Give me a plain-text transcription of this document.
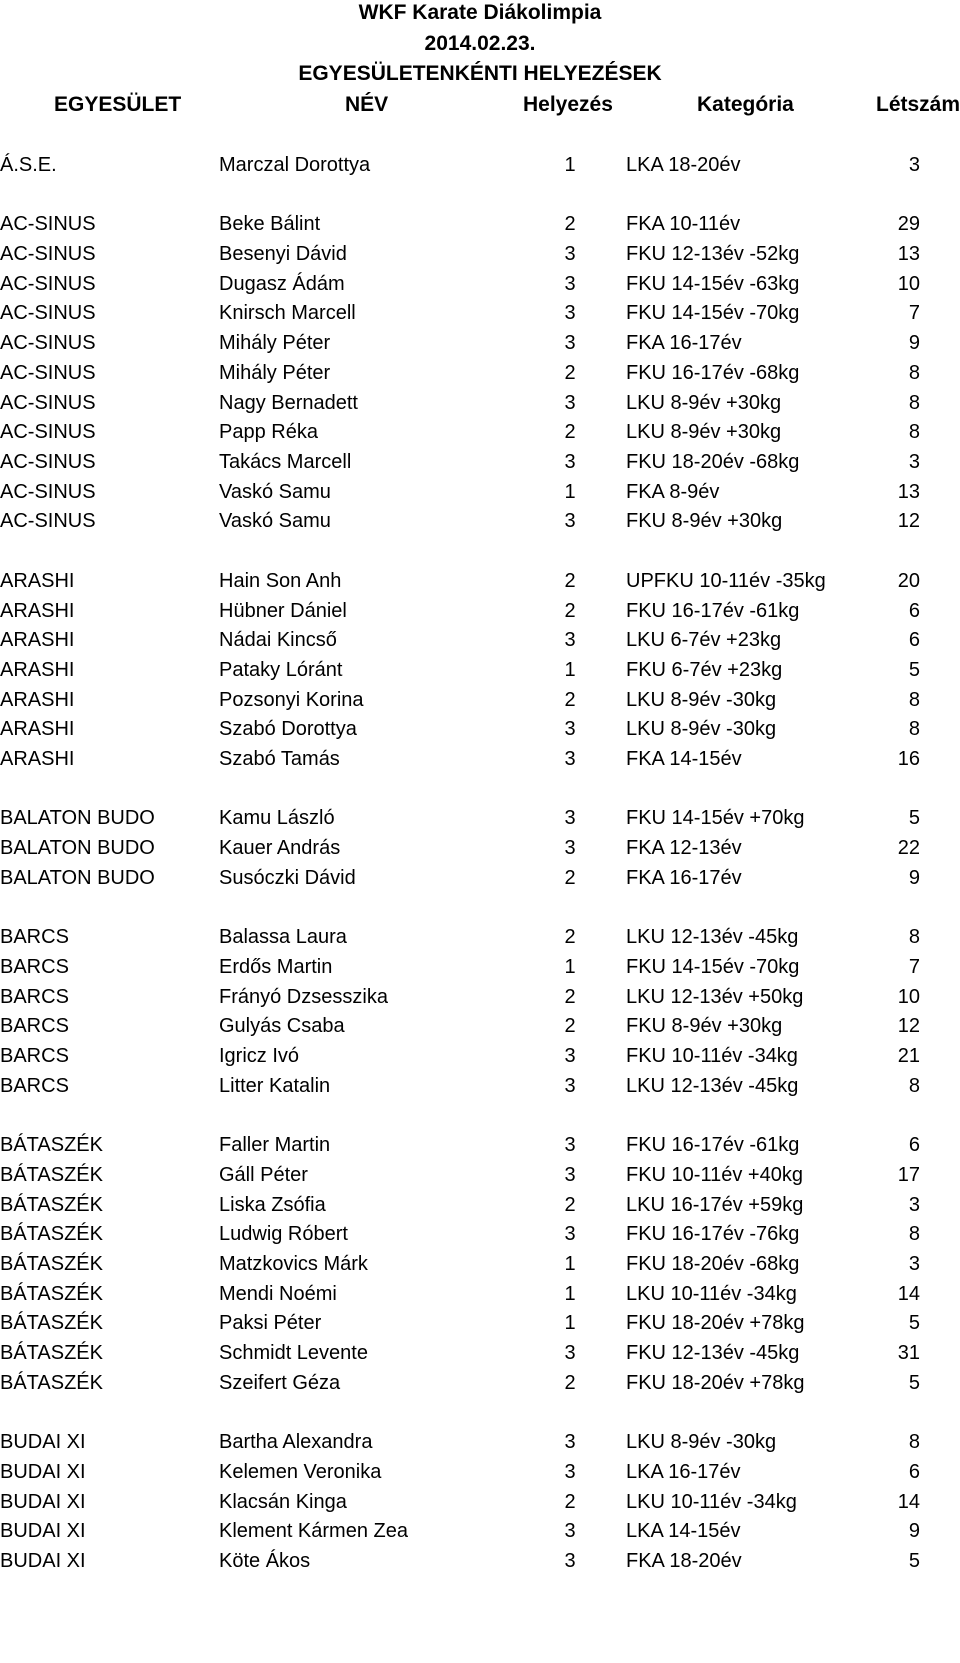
WKF Karate Diákolimpia
2014.02.23.
EGYESÜLETENKÉNTI HELYEZÉSEK
EGYESÜLET	NÉV	Helyezés	Kategória	Létszám
Á.S.E.	Marczal Dorottya	1	LKA 18-20év	3
AC-SINUS	Beke Bálint	2	FKA 10-11év	29
AC-SINUS	Besenyi Dávid	3	FKU 12-13év -52kg	13
AC-SINUS	Dugasz Ádám	3	FKU 14-15év -63kg	10
AC-SINUS	Knirsch Marcell	3	FKU 14-15év -70kg	7
AC-SINUS	Mihály Péter	3	FKA 16-17év	9
AC-SINUS	Mihály Péter	2	FKU 16-17év -68kg	8
AC-SINUS	Nagy Bernadett	3	LKU 8-9év +30kg	8
AC-SINUS	Papp Réka	2	LKU 8-9év +30kg	8
AC-SINUS	Takács Marcell	3	FKU 18-20év -68kg	3
AC-SINUS	Vaskó Samu	1	FKA 8-9év	13
AC-SINUS	Vaskó Samu	3	FKU 8-9év +30kg	12
ARASHI	Hain Son Anh	2	UPFKU 10-11év -35kg	20
ARASHI	Hübner Dániel	2	FKU 16-17év -61kg	6
ARASHI	Nádai Kincső	3	LKU 6-7év +23kg	6
ARASHI	Pataky Lóránt	1	FKU 6-7év +23kg	5
ARASHI	Pozsonyi Korina	2	LKU 8-9év -30kg	8
ARASHI	Szabó Dorottya	3	LKU 8-9év -30kg	8
ARASHI	Szabó Tamás	3	FKA 14-15év	16
BALATON BUDO	Kamu László	3	FKU 14-15év +70kg	5
BALATON BUDO	Kauer András	3	FKA 12-13év	22
BALATON BUDO	Susóczki Dávid	2	FKA 16-17év	9
BARCS	Balassa Laura	2	LKU 12-13év -45kg	8
BARCS	Erdős Martin	1	FKU 14-15év -70kg	7
BARCS	Frányó Dzsesszika	2	LKU 12-13év +50kg	10
BARCS	Gulyás Csaba	2	FKU 8-9év +30kg	12
BARCS	Igricz Ivó	3	FKU 10-11év -34kg	21
BARCS	Litter Katalin	3	LKU 12-13év -45kg	8
BÁTASZÉK	Faller Martin	3	FKU 16-17év -61kg	6
BÁTASZÉK	Gáll Péter	3	FKU 10-11év +40kg	17
BÁTASZÉK	Liska Zsófia	2	LKU 16-17év +59kg	3
BÁTASZÉK	Ludwig Róbert	3	FKU 16-17év -76kg	8
BÁTASZÉK	Matzkovics Márk	1	FKU 18-20év -68kg	3
BÁTASZÉK	Mendi Noémi	1	LKU 10-11év -34kg	14
BÁTASZÉK	Paksi Péter	1	FKU 18-20év +78kg	5
BÁTASZÉK	Schmidt Levente	3	FKU 12-13év -45kg	31
BÁTASZÉK	Szeifert Géza	2	FKU 18-20év +78kg	5
BUDAI XI	Bartha Alexandra	3	LKU 8-9év -30kg	8
BUDAI XI	Kelemen Veronika	3	LKA 16-17év	6
BUDAI XI	Klacsán Kinga	2	LKU 10-11év -34kg	14
BUDAI XI	Klement Kármen Zea	3	LKA 14-15év	9
BUDAI XI	Köte Ákos	3	FKA 18-20év	5
